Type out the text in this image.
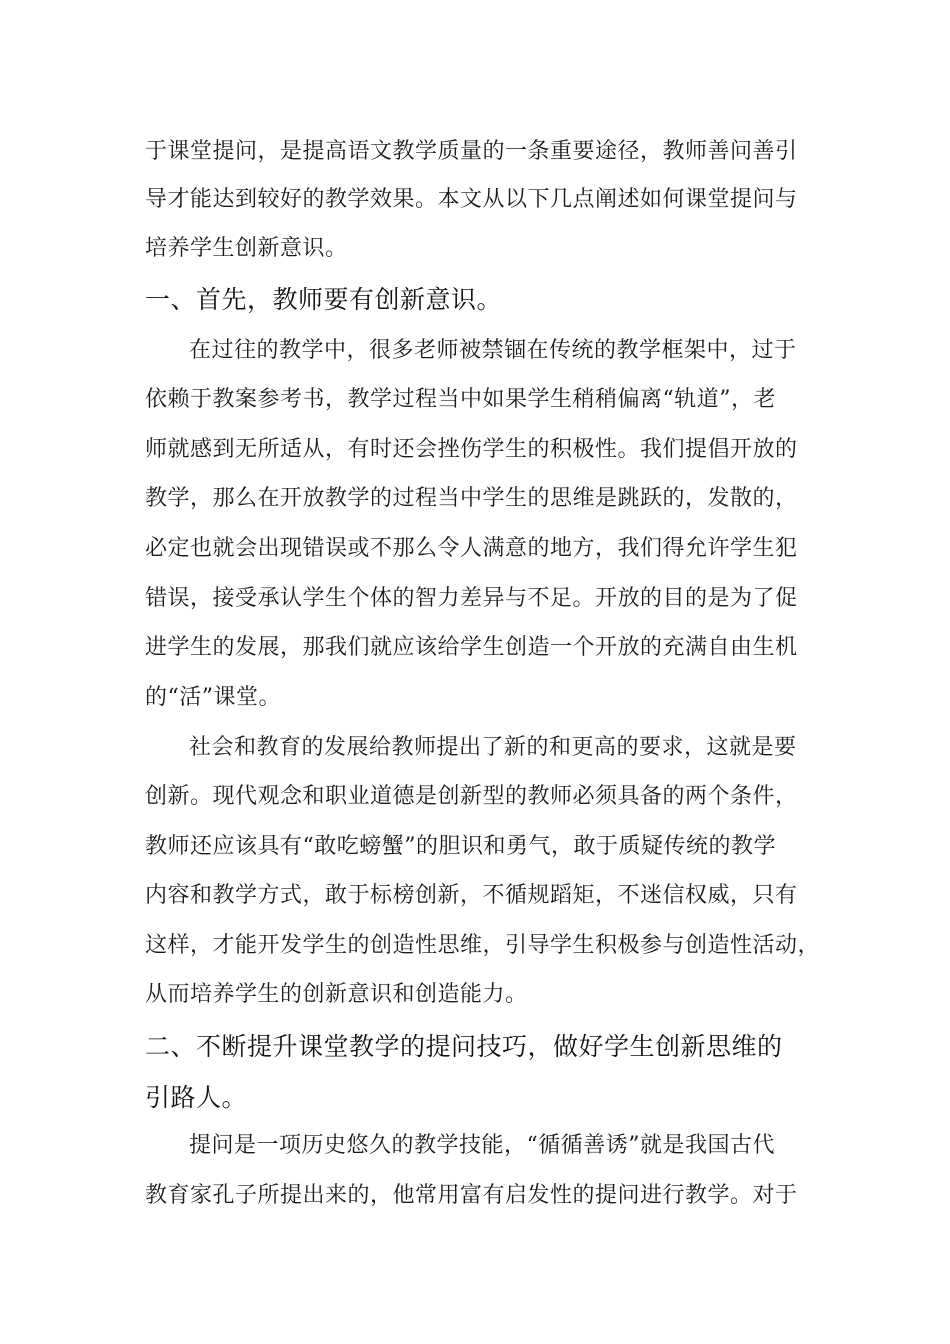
于课堂提问，是提高语文教学质量的一条重要途径，教师善问善引
导才能达到较好的教学效果。本文从以下几点阐述如何课堂提问与
培养学生创新意识。
一、首先，教师要有创新意识。
在过往的教学中，很多老师被禁锢在传统的教学框架中，过于
依赖于教案参考书，教学过程当中如果学生稍稍偏离“轨道”，老
师就感到无所适从，有时还会挫伤学生的积极性。我们提倡开放的
教学，那么在开放教学的过程当中学生的思维是跳跃的，发散的，
必定也就会出现错误或不那么令人满意的地方，我们得允许学生犯
错误，接受承认学生个体的智力差异与不足。开放的目的是为了促
进学生的发展，那我们就应该给学生创造一个开放的充满自由生机
的“活”课堂。
社会和教育的发展给教师提出了新的和更高的要求，这就是要
创新。现代观念和职业道德是创新型的教师必须具备的两个条件，
教师还应该具有“敢吃螃蟹”的胆识和勇气，敢于质疑传统的教学
内容和教学方式，敢于标榜创新，不循规蹈矩，不迷信权威，只有
这样，才能开发学生的创造性思维，引导学生积极参与创造性活动，
从而培养学生的创新意识和创造能力。
二、不断提升课堂教学的提问技巧，做好学生创新思维的
引路人。
提问是一项历史悠久的教学技能，“循循善诱”就是我国古代
教育家孔子所提出来的，他常用富有启发性的提问进行教学。对于
